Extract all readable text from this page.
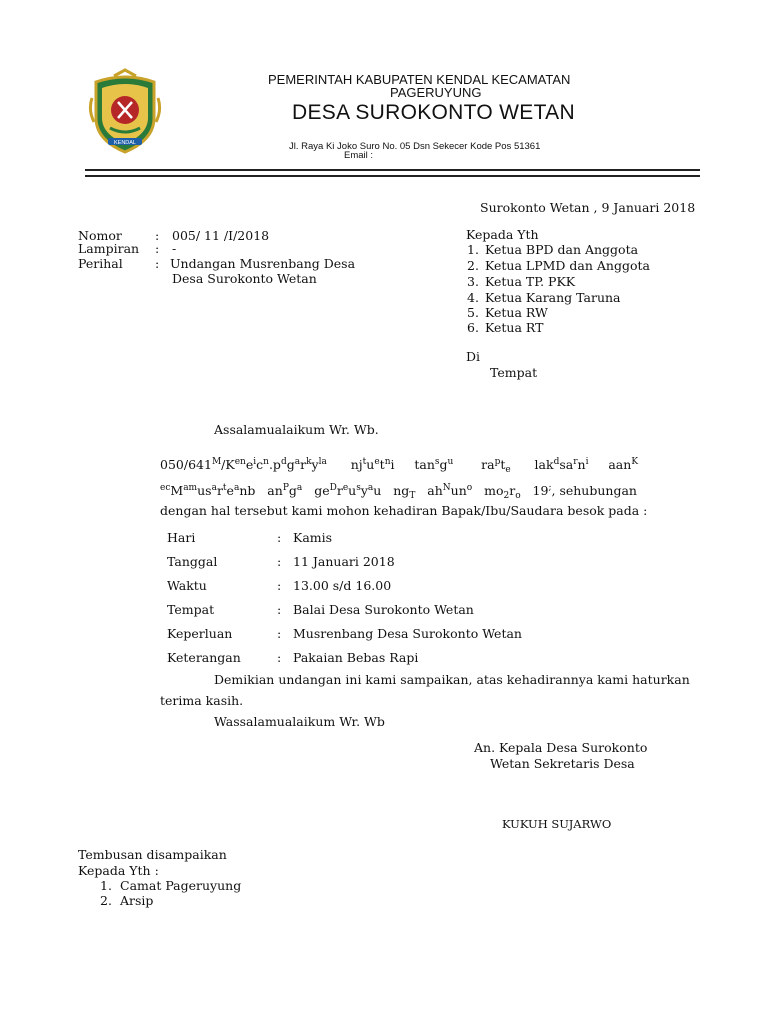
KENDAL
PEMERINTAH KABUPATEN KENDAL KECAMATAN
PAGERUYUNG
DESA SUROKONTO WETAN
Jl. Raya Ki Joko Suro No. 05 Dsn Sekecer Kode Pos 51361
Email :
Surokonto Wetan , 9 Januari 2018
Nomor	: 005/ 11 /I/2018
Lampiran : -
Perihal	: Undangan Musrenbang Desa
Desa Surokonto Wetan
Kepada Yth
1. Ketua BPD dan Anggota
2. Ketua LPMD dan Anggota
3. Ketua TP. PKK
4. Ketua Karang Taruna
5. Ketua RW
6. Ketua RT
Di
Tempat
Assalamualaikum Wr. Wb.
$050/641^M/K^{en}e^ic^n.p^dg^ar^ky^{la}$      $nj^tu^et^ni$     $\tan^sg^u$       $ra^pt_e$      $lak^dsa^rn^i$     aan$^K$
$^{ec}M^{am}us^ar^te^anb$   $an^Pg^a$   $ge^Dr^eu^sy^au$   $ng_T$   $ah^Nun^o$   $mo_2r_o$   19;, sehubungan
dengan hal tersebut kami mohon kehadiran Bapak/Ibu/Saudara besok pada :
Hari	: Kamis
Tanggal	: 11 Januari 2018
Waktu	: 13.00 s/d 16.00
Tempat	: Balai Desa Surokonto Wetan
Keperluan	: Musrenbang Desa Surokonto Wetan
Keterangan	: Pakaian Bebas Rapi
Demikian undangan ini kami sampaikan, atas kehadirannya kami haturkan
terima kasih.
Wassalamualaikum Wr. Wb
An. Kepala Desa Surokonto
Wetan Sekretaris Desa
KUKUH SUJARWO
Tembusan disampaikan
Kepada Yth :
1. Camat Pageruyung
2. Arsip
